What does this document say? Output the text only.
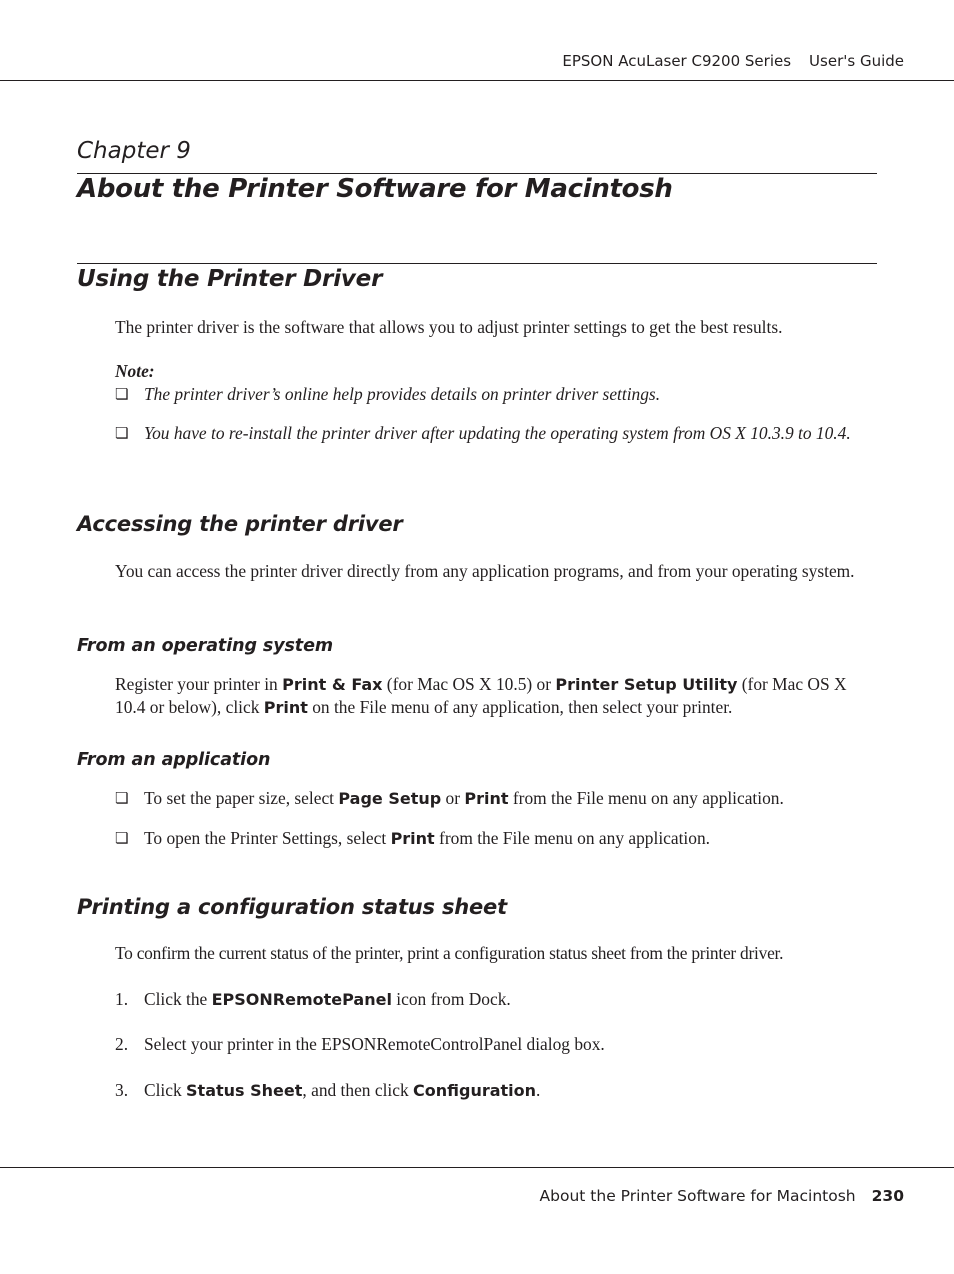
EPSON AcuLaser C9200 Series User's Guide
Chapter 9
About the Printer Software for Macintosh
Using the Printer Driver
The printer driver is the software that allows you to adjust printer settings to get the best results.
Note:
❏ The printer driver’s online help provides details on printer driver settings.
❏ You have to re-install the printer driver after updating the operating system from OS X 10.3.9 to 10.4.
Accessing the printer driver
You can access the printer driver directly from any application programs, and from your operating system.
From an operating system
Register your printer in Print & Fax (for Mac OS X 10.5) or Printer Setup Utility (for Mac OS X 10.4 or below), click Print on the File menu of any application, then select your printer.
From an application
❏ To set the paper size, select Page Setup or Print from the File menu on any application.
❏ To open the Printer Settings, select Print from the File menu on any application.
Printing a configuration status sheet
To confirm the current status of the printer, print a configuration status sheet from the printer driver.
1. Click the EPSONRemotePanel icon from Dock.
2. Select your printer in the EPSONRemoteControlPanel dialog box.
3. Click Status Sheet, and then click Configuration.
About the Printer Software for Macintosh 230
